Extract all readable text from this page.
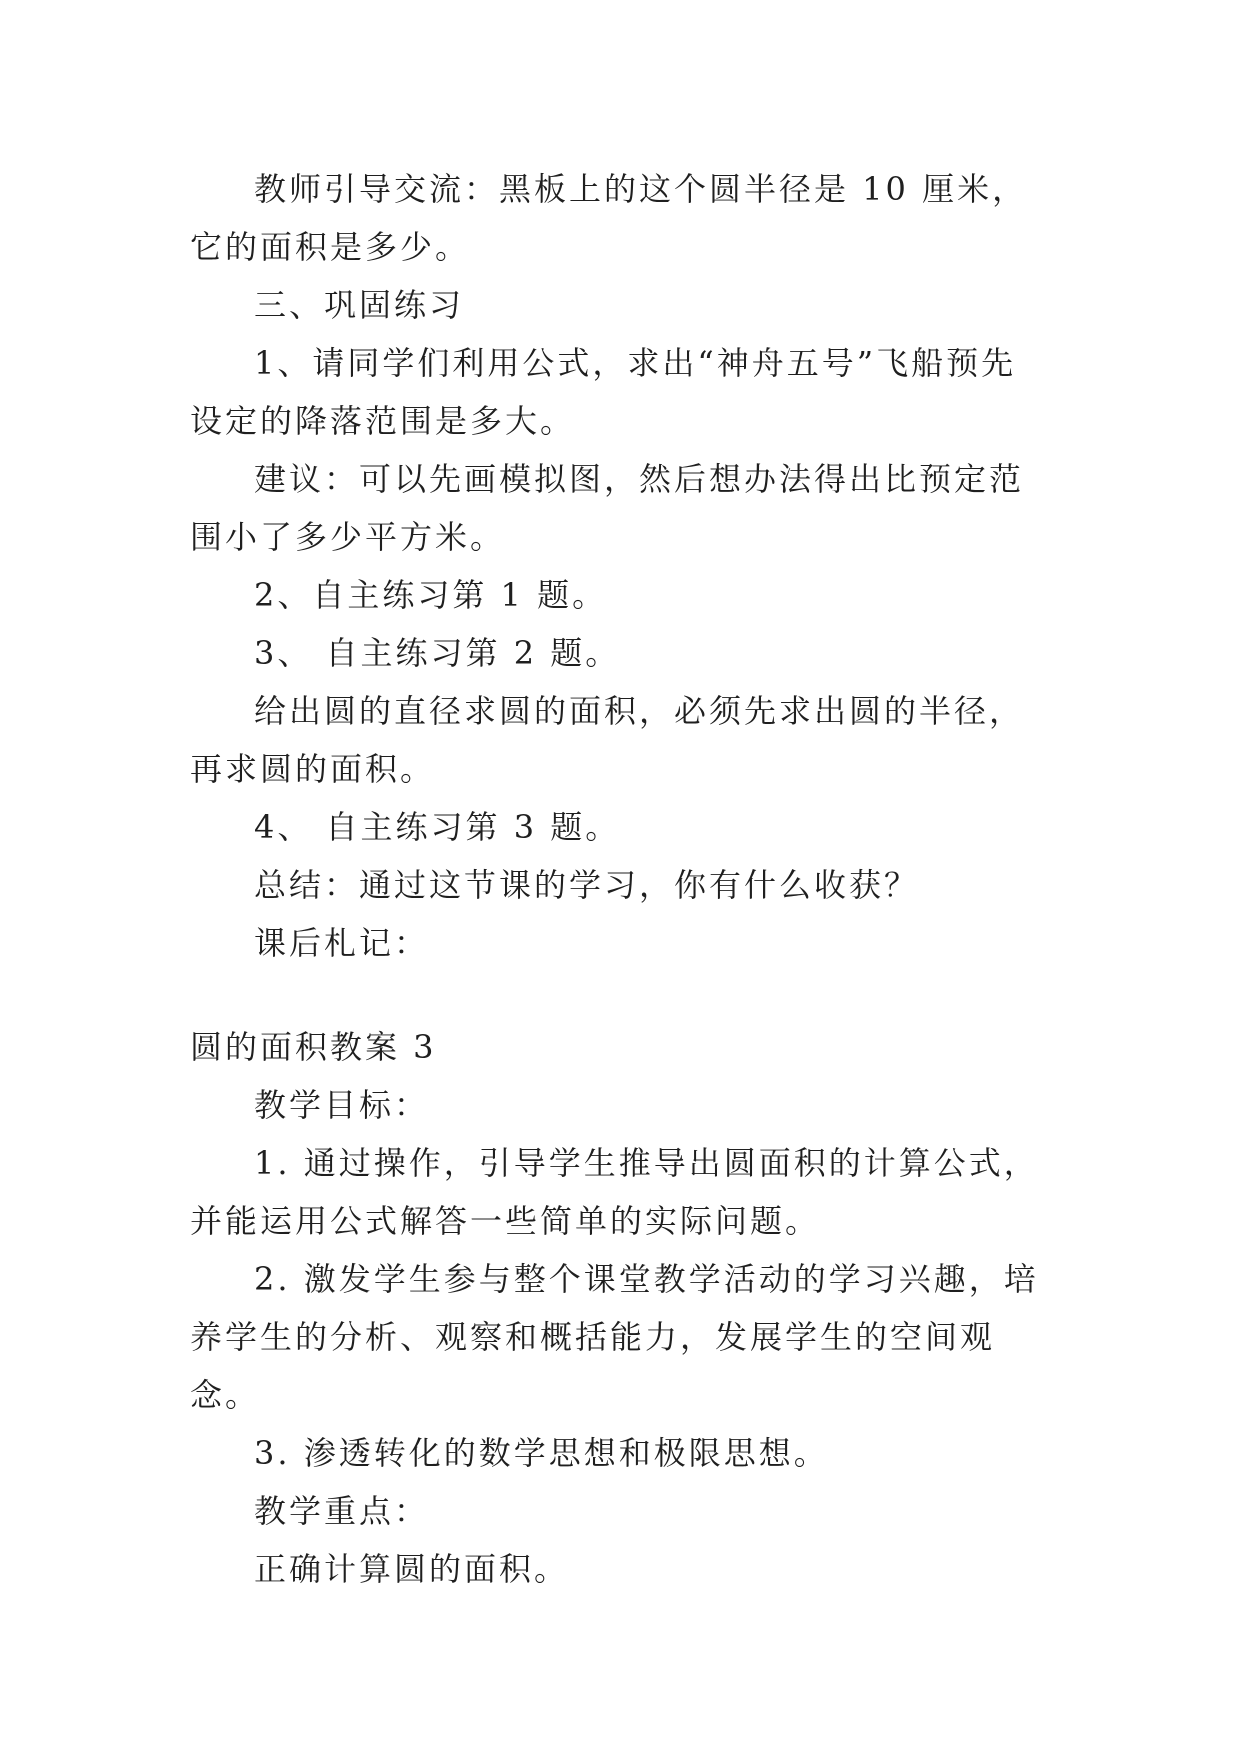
教师引导交流：黑板上的这个圆半径是 10 厘米，它的面积是多少。

三、巩固练习

1、请同学们利用公式，求出“神舟五号”飞船预先设定的降落范围是多大。

建议：可以先画模拟图，然后想办法得出比预定范围小了多少平方米。

2、自主练习第 1 题。

3、 自主练习第 2 题。

给出圆的直径求圆的面积，必须先求出圆的半径，再求圆的面积。

4、 自主练习第 3 题。

总结：通过这节课的学习，你有什么收获？

课后札记：

圆的面积教案 3

教学目标：

1. 通过操作，引导学生推导出圆面积的计算公式，并能运用公式解答一些简单的实际问题。

2. 激发学生参与整个课堂教学活动的学习兴趣，培养学生的分析、观察和概括能力，发展学生的空间观念。

3. 渗透转化的数学思想和极限思想。

教学重点：

正确计算圆的面积。
